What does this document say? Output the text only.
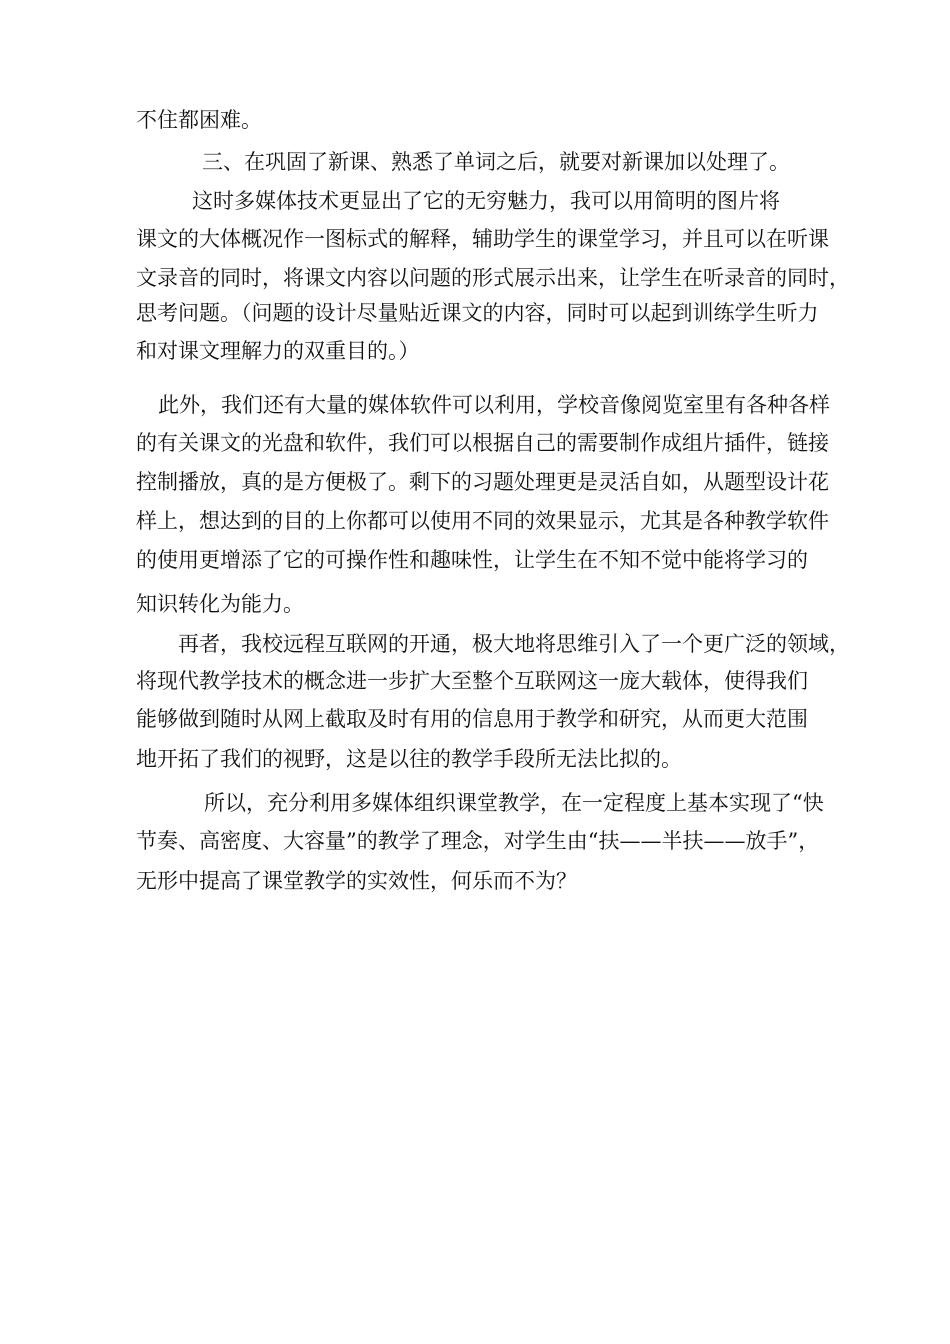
不住都困难。
三、在巩固了新课、熟悉了单词之后，就要对新课加以处理了。
这时多媒体技术更显出了它的无穷魅力，我可以用简明的图片将
课文的大体概况作一图标式的解释，辅助学生的课堂学习，并且可以在听课
文录音的同时，将课文内容以问题的形式展示出来，让学生在听录音的同时，
思考问题。（问题的设计尽量贴近课文的内容，同时可以起到训练学生听力
和对课文理解力的双重目的。）
此外，我们还有大量的媒体软件可以利用，学校音像阅览室里有各种各样
的有关课文的光盘和软件，我们可以根据自己的需要制作成组片插件，链接
控制播放，真的是方便极了。剩下的习题处理更是灵活自如，从题型设计花
样上，想达到的目的上你都可以使用不同的效果显示，尤其是各种教学软件
的使用更增添了它的可操作性和趣味性，让学生在不知不觉中能将学习的
知识转化为能力。
再者，我校远程互联网的开通，极大地将思维引入了一个更广泛的领域，
将现代教学技术的概念进一步扩大至整个互联网这一庞大载体，使得我们
能够做到随时从网上截取及时有用的信息用于教学和研究，从而更大范围
地开拓了我们的视野，这是以往的教学手段所无法比拟的。
所以，充分利用多媒体组织课堂教学，在一定程度上基本实现了“快
节奏、高密度、大容量”的教学了理念，对学生由“扶——半扶——放手”，
无形中提高了课堂教学的实效性，何乐而不为？
